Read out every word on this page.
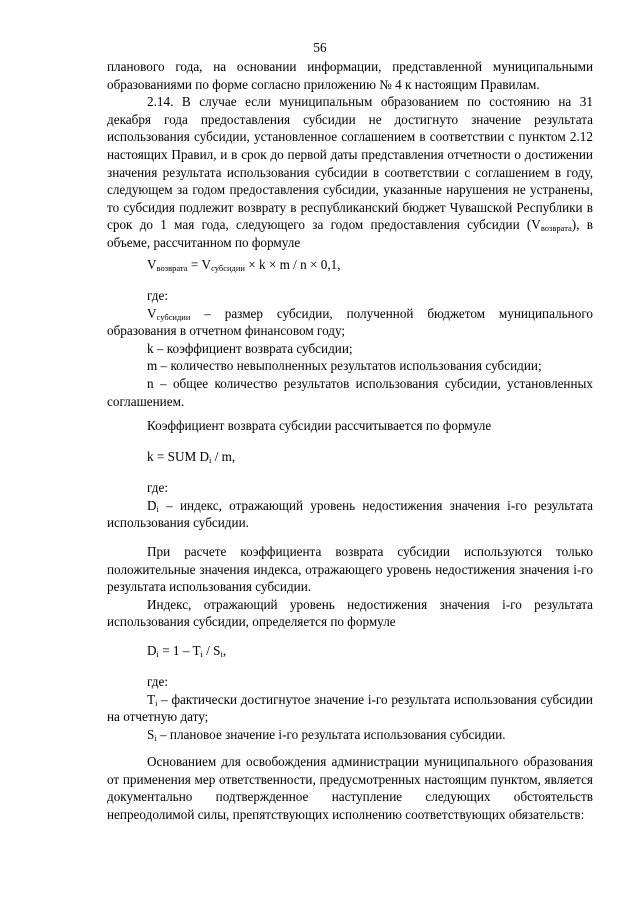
56

планового года, на основании информации, представленной муниципальными образованиями по форме согласно приложению № 4 к настоящим Правилам.

2.14. В случае если муниципальным образованием по состоянию на 31 декабря года предоставления субсидии не достигнуто значение результата использования субсидии, установленное соглашением в соответствии с пунктом 2.12 настоящих Правил, и в срок до первой даты представления отчетности о достижении значения результата использования субсидии в соответствии с соглашением в году, следующем за годом предоставления субсидии, указанные нарушения не устранены, то субсидия подлежит возврату в республиканский бюджет Чувашской Республики в срок до 1 мая года, следующего за годом предоставления субсидии $(V_{возврата})$, в объеме, рассчитанном по формуле

$V_{возврата} = V_{субсидии} \times k \times m / n \times 0,1$,

где:

$V_{субсидии}$ – размер субсидии, полученной бюджетом муниципального образования в отчетном финансовом году;

k – коэффициент возврата субсидии;

m – количество невыполненных результатов использования субсидии;

n – общее количество результатов использования субсидии, установленных соглашением.

Коэффициент возврата субсидии рассчитывается по формуле

k = SUM $D_i$ / m,

где:

$D_i$ – индекс, отражающий уровень недостижения значения i-го результата использования субсидии.

При расчете коэффициента возврата субсидии используются только положительные значения индекса, отражающего уровень недостижения значения i-го результата использования субсидии.

Индекс, отражающий уровень недостижения значения i-го результата использования субсидии, определяется по формуле

$D_i = 1 - T_i / S_i$,

где:

$T_i$ – фактически достигнутое значение i-го результата использования субсидии на отчетную дату;

$S_i$ – плановое значение i-го результата использования субсидии.

Основанием для освобождения администрации муниципального образования от применения мер ответственности, предусмотренных настоящим пунктом, является документально подтвержденное наступление следующих обстоятельств непреодолимой силы, препятствующих исполнению соответствующих обязательств:
